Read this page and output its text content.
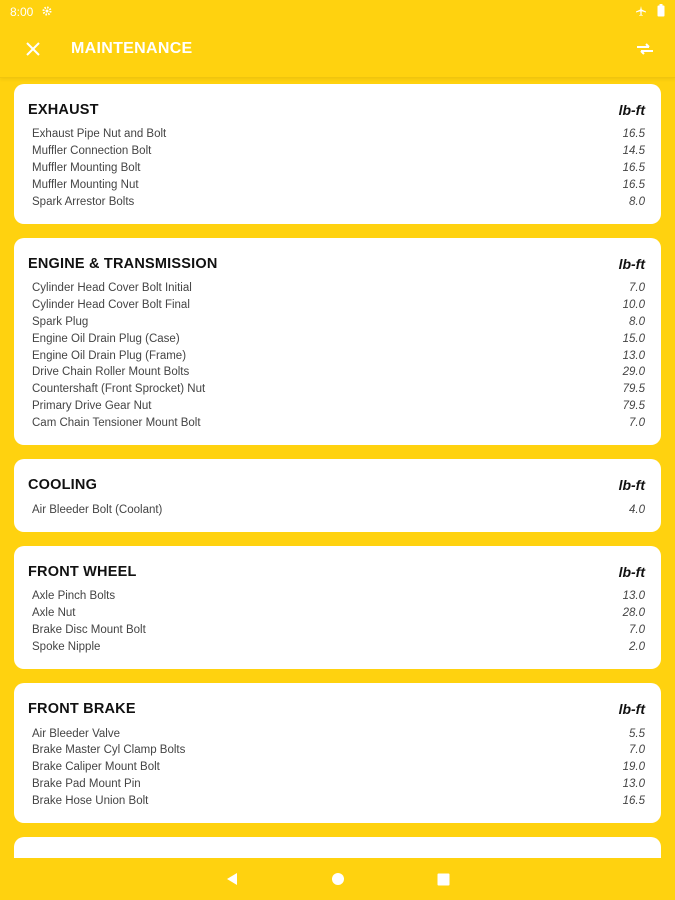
8:00
MAINTENANCE
EXHAUST	lb-ft
Exhaust Pipe Nut and Bolt	16.5
Muffler Connection Bolt	14.5
Muffler Mounting Bolt	16.5
Muffler Mounting Nut	16.5
Spark Arrestor Bolts	8.0
ENGINE & TRANSMISSION	lb-ft
Cylinder Head Cover Bolt Initial	7.0
Cylinder Head Cover Bolt Final	10.0
Spark Plug	8.0
Engine Oil Drain Plug (Case)	15.0
Engine Oil Drain Plug (Frame)	13.0
Drive Chain Roller Mount Bolts	29.0
Countershaft (Front Sprocket) Nut	79.5
Primary Drive Gear Nut	79.5
Cam Chain Tensioner Mount Bolt	7.0
COOLING	lb-ft
Air Bleeder Bolt (Coolant)	4.0
FRONT WHEEL	lb-ft
Axle Pinch Bolts	13.0
Axle Nut	28.0
Brake Disc Mount Bolt	7.0
Spoke Nipple	2.0
FRONT BRAKE	lb-ft
Air Bleeder Valve	5.5
Brake Master Cyl Clamp Bolts	7.0
Brake Caliper Mount Bolt	19.0
Brake Pad Mount Pin	13.0
Brake Hose Union Bolt	16.5
